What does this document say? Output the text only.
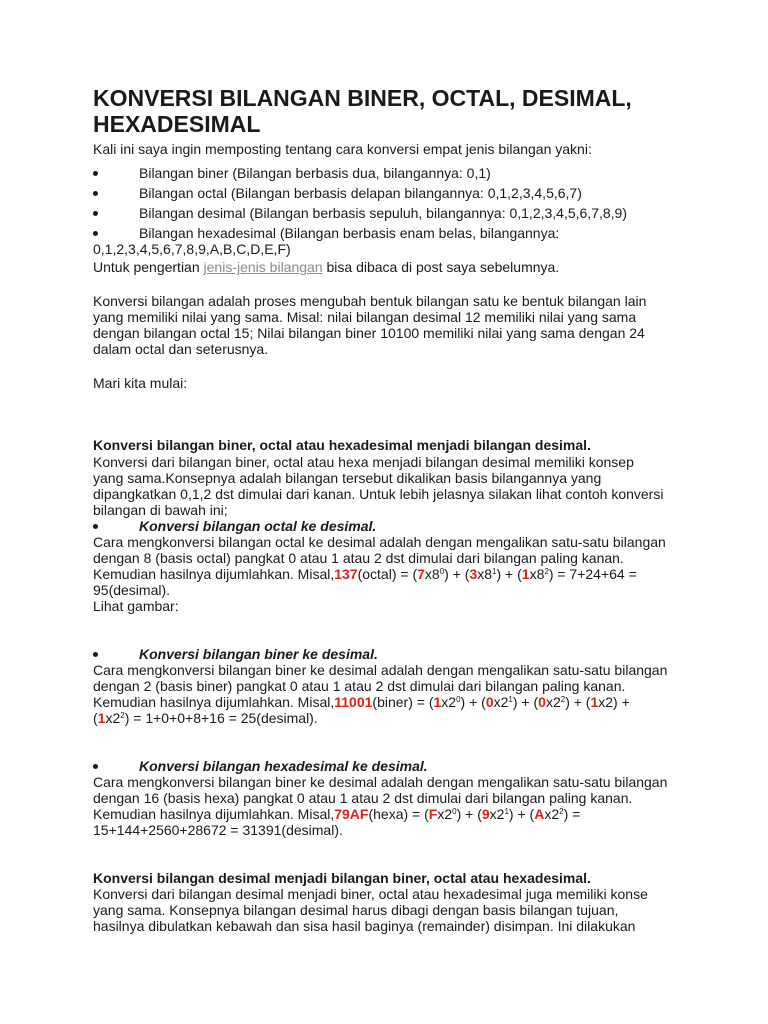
KONVERSI BILANGAN BINER, OCTAL, DESIMAL, HEXADESIMAL

Kali ini saya ingin memposting tentang cara konversi empat jenis bilangan yakni:

Bilangan biner (Bilangan berbasis dua, bilangannya: 0,1)
Bilangan octal (Bilangan berbasis delapan bilangannya: 0,1,2,3,4,5,6,7)
Bilangan desimal (Bilangan berbasis sepuluh, bilangannya: 0,1,2,3,4,5,6,7,8,9)
Bilangan hexadesimal (Bilangan berbasis enam belas, bilangannya:
0,1,2,3,4,5,6,7,8,9,A,B,C,D,E,F)

Untuk pengertian jenis-jenis bilangan bisa dibaca di post saya sebelumnya.

Konversi bilangan adalah proses mengubah bentuk bilangan satu ke bentuk bilangan lain

yang memiliki nilai yang sama. Misal: nilai bilangan desimal 12 memiliki nilai yang sama

dengan bilangan octal 15; Nilai bilangan biner 10100 memiliki nilai yang sama dengan 24

dalam octal dan seterusnya.

Mari kita mulai:

Konversi bilangan biner, octal atau hexadesimal menjadi bilangan desimal.

Konversi dari bilangan biner, octal atau hexa menjadi bilangan desimal memiliki konsep

yang sama.Konsepnya adalah bilangan tersebut dikalikan basis bilangannya yang

dipangkatkan 0,1,2 dst dimulai dari kanan. Untuk lebih jelasnya silakan lihat contoh konversi

bilangan di bawah ini;

Konversi bilangan octal ke desimal.

Cara mengkonversi bilangan octal ke desimal adalah dengan mengalikan satu-satu bilangan

dengan 8 (basis octal) pangkat 0 atau 1 atau 2 dst dimulai dari bilangan paling kanan.

Kemudian hasilnya dijumlahkan. Misal,137(octal) = $(7x8^0) + (3x8^1) + (1x8^2) = 7+24+64$ =

95(desimal).

Lihat gambar:

Konversi bilangan biner ke desimal.

Cara mengkonversi bilangan biner ke desimal adalah dengan mengalikan satu-satu bilangan

dengan 2 (basis biner) pangkat 0 atau 1 atau 2 dst dimulai dari bilangan paling kanan.

Kemudian hasilnya dijumlahkan. Misal,11001(biner) = $(1x2^0) + (0x2^1) + (0x2^2) + (1x2)$ +

$(1x2^2) = 1+0+0+8+16$ = 25(desimal).

Konversi bilangan hexadesimal ke desimal.

Cara mengkonversi bilangan biner ke desimal adalah dengan mengalikan satu-satu bilangan

dengan 16 (basis hexa) pangkat 0 atau 1 atau 2 dst dimulai dari bilangan paling kanan.

Kemudian hasilnya dijumlahkan. Misal,79AF(hexa) = $(Fx2^0) + (9x2^1) + (Ax2^2)$ =

15+144+2560+28672 = 31391(desimal).

Konversi bilangan desimal menjadi bilangan biner, octal atau hexadesimal.

Konversi dari bilangan desimal menjadi biner, octal atau hexadesimal juga memiliki konse

yang sama. Konsepnya bilangan desimal harus dibagi dengan basis bilangan tujuan,

hasilnya dibulatkan kebawah dan sisa hasil baginya (remainder) disimpan. Ini dilakukan
